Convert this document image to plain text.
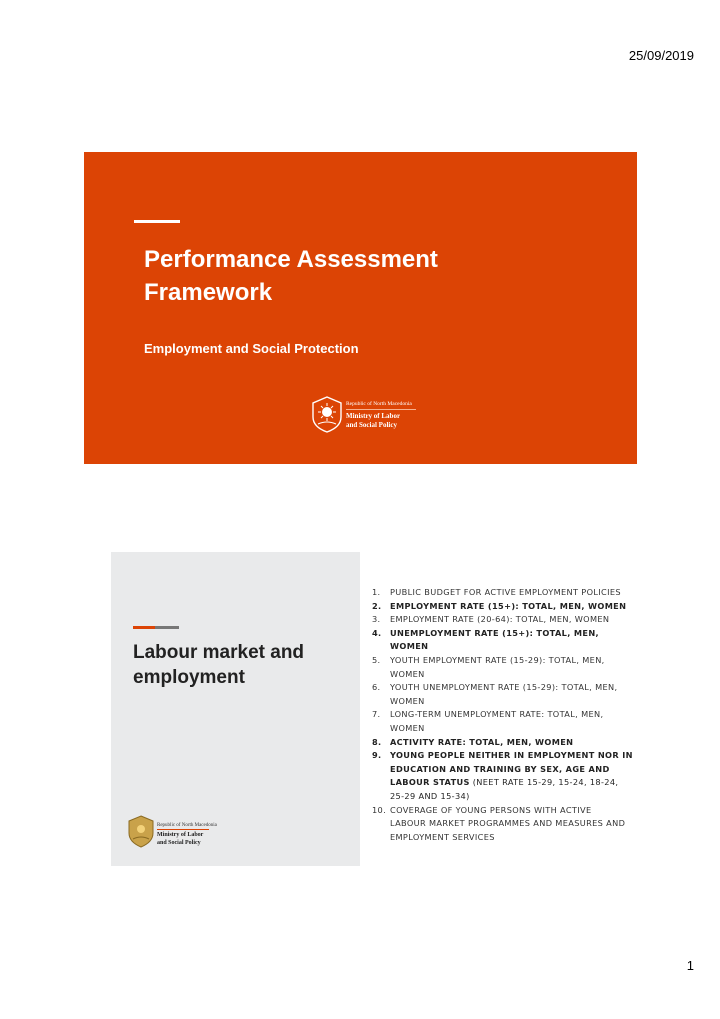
25/09/2019
Performance Assessment
Framework
Employment and Social Protection
Republic of North Macedonia
Ministry of Labor
and Social Policy
Labour market and
employment
Republic of North Macedonia
Ministry of Labor
and Social Policy
1. PUBLIC BUDGET FOR ACTIVE EMPLOYMENT POLICIES
2. EMPLOYMENT RATE (15+): TOTAL, MEN, WOMEN
3. EMPLOYMENT RATE (20-64): TOTAL, MEN, WOMEN
4. UNEMPLOYMENT RATE (15+): TOTAL, MEN,
WOMEN
5. YOUTH EMPLOYMENT RATE (15-29): TOTAL, MEN,
WOMEN
6. YOUTH UNEMPLOYMENT RATE (15-29): TOTAL, MEN,
WOMEN
7. LONG-TERM UNEMPLOYMENT RATE: TOTAL, MEN,
WOMEN
8. ACTIVITY RATE: TOTAL, MEN, WOMEN
9. YOUNG PEOPLE NEITHER IN EMPLOYMENT NOR IN
EDUCATION AND TRAINING BY SEX, AGE AND
LABOUR STATUS (NEET RATE 15-29, 15-24, 18-24,
25-29 AND 15-34)
10. COVERAGE OF YOUNG PERSONS WITH ACTIVE
LABOUR MARKET PROGRAMMES AND MEASURES AND
EMPLOYMENT SERVICES
1
